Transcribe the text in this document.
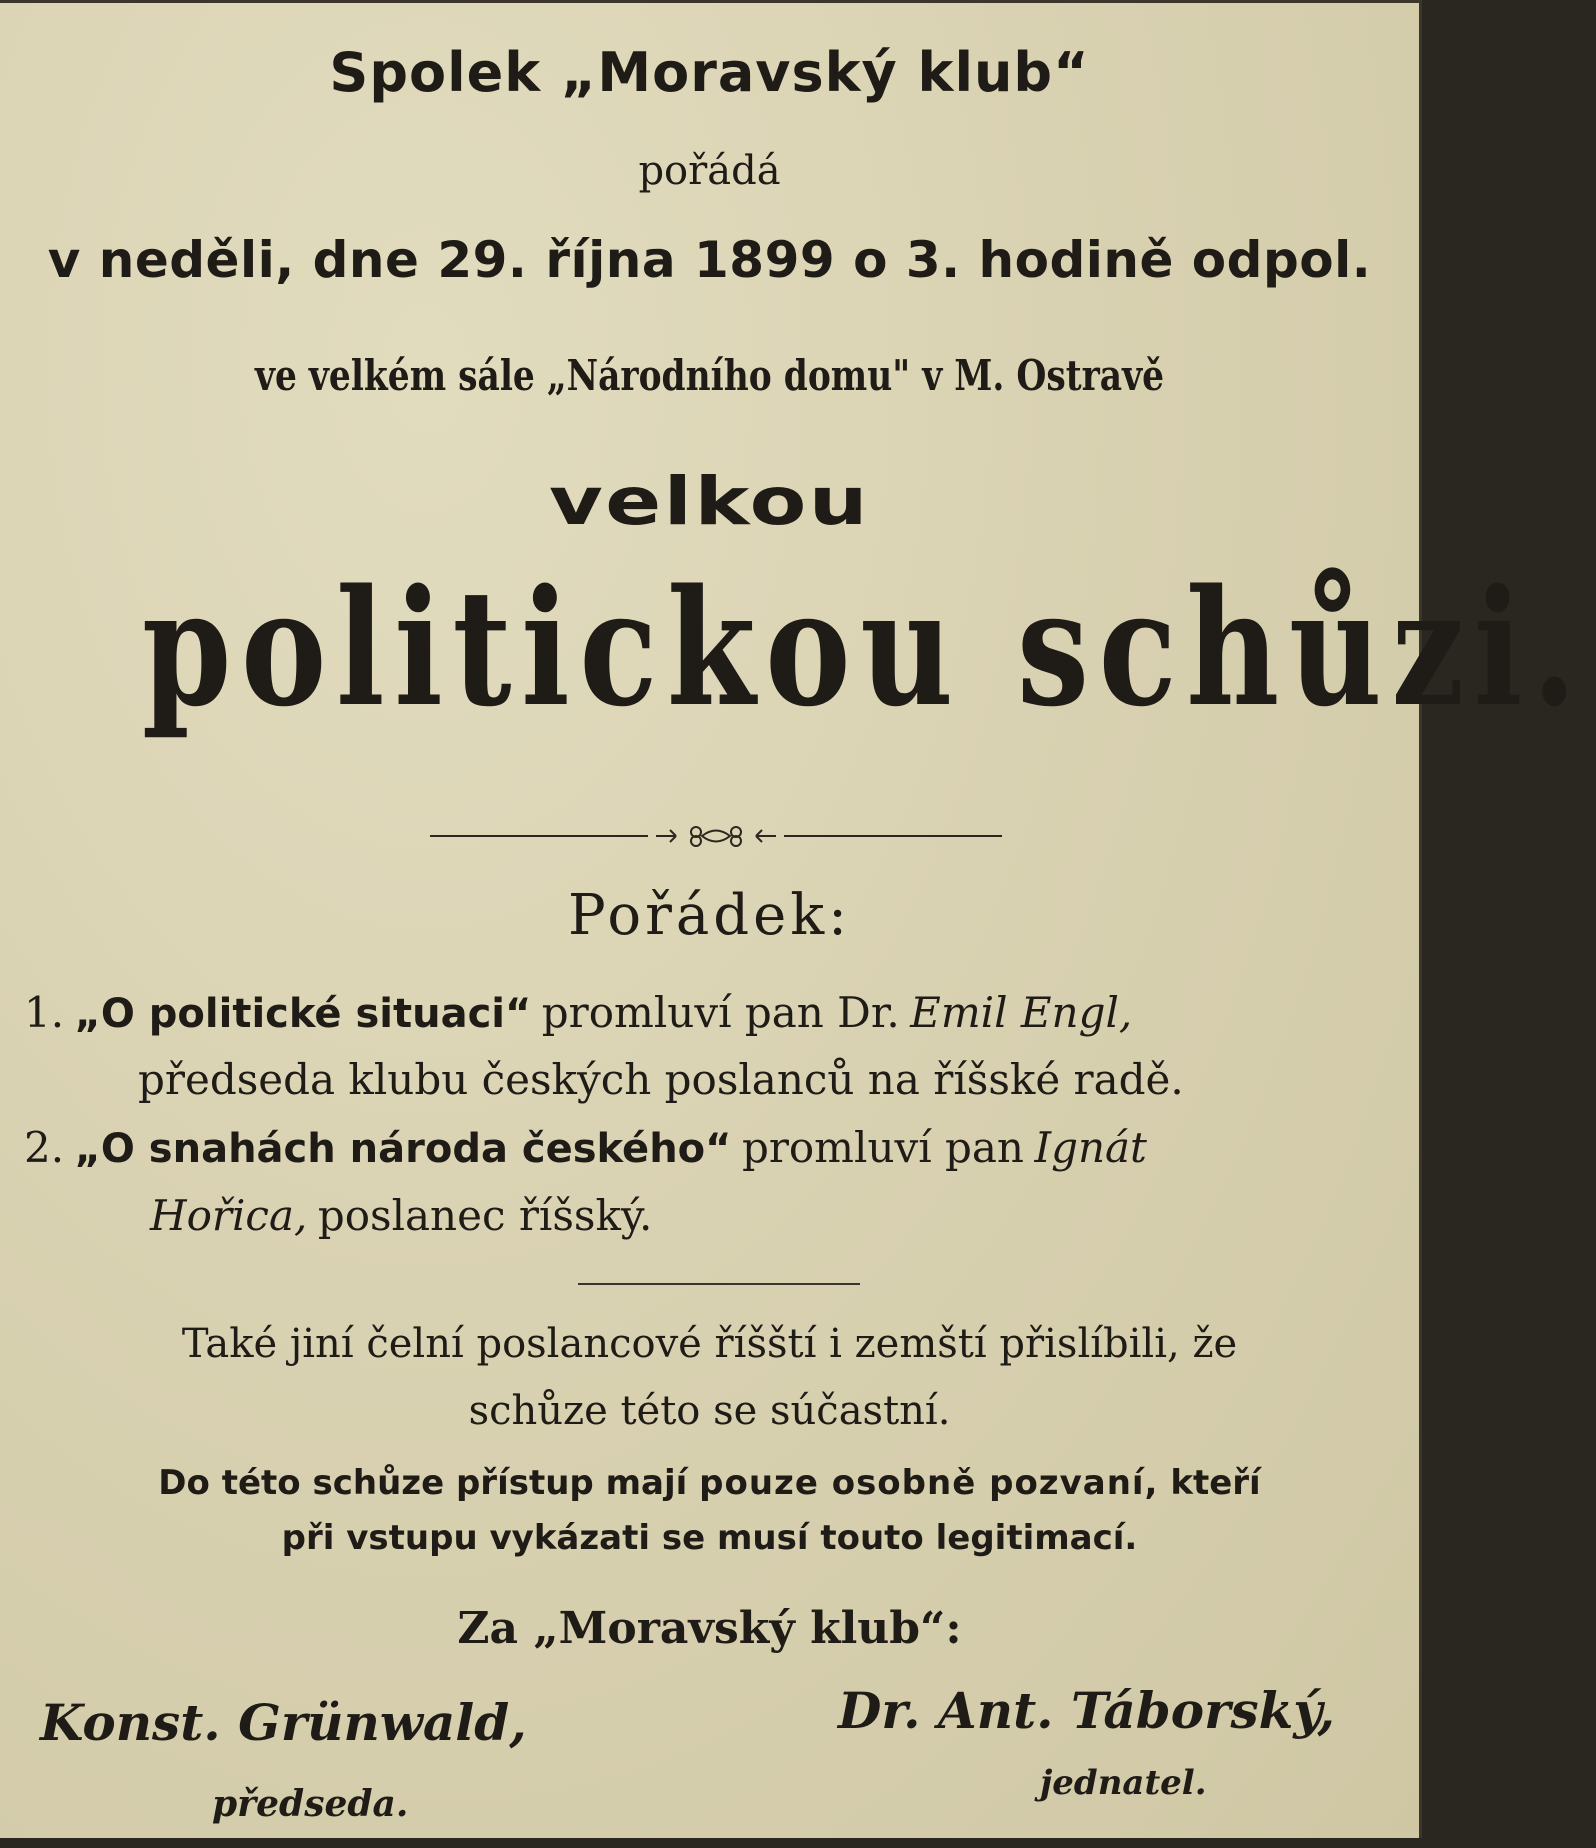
Spolek „Moravský klub“
pořádá
v neděli, dne 29. října 1899 o 3. hodině odpol.
ve velkém sále „Národního domu" v M. Ostravě
velkou
politickou schůzi.
Pořádek:
1. „O politické situaci“ promluví pan Dr. Emil Engl,
předseda klubu českých poslanců na říšské radě.
2. „O snahách národa českého“ promluví pan Ignát
Hořica, poslanec říšský.
Také jiní čelní poslancové říšští i zemští přislíbili, že
schůze této se súčastní.
Do této schůze přístup mají pouze osobně pozvaní, kteří
při vstupu vykázati se musí touto legitimací.
Za „Moravský klub“:
Konst. Grünwald,	Dr. Ant. Táborský,
předseda.	jednatel.
